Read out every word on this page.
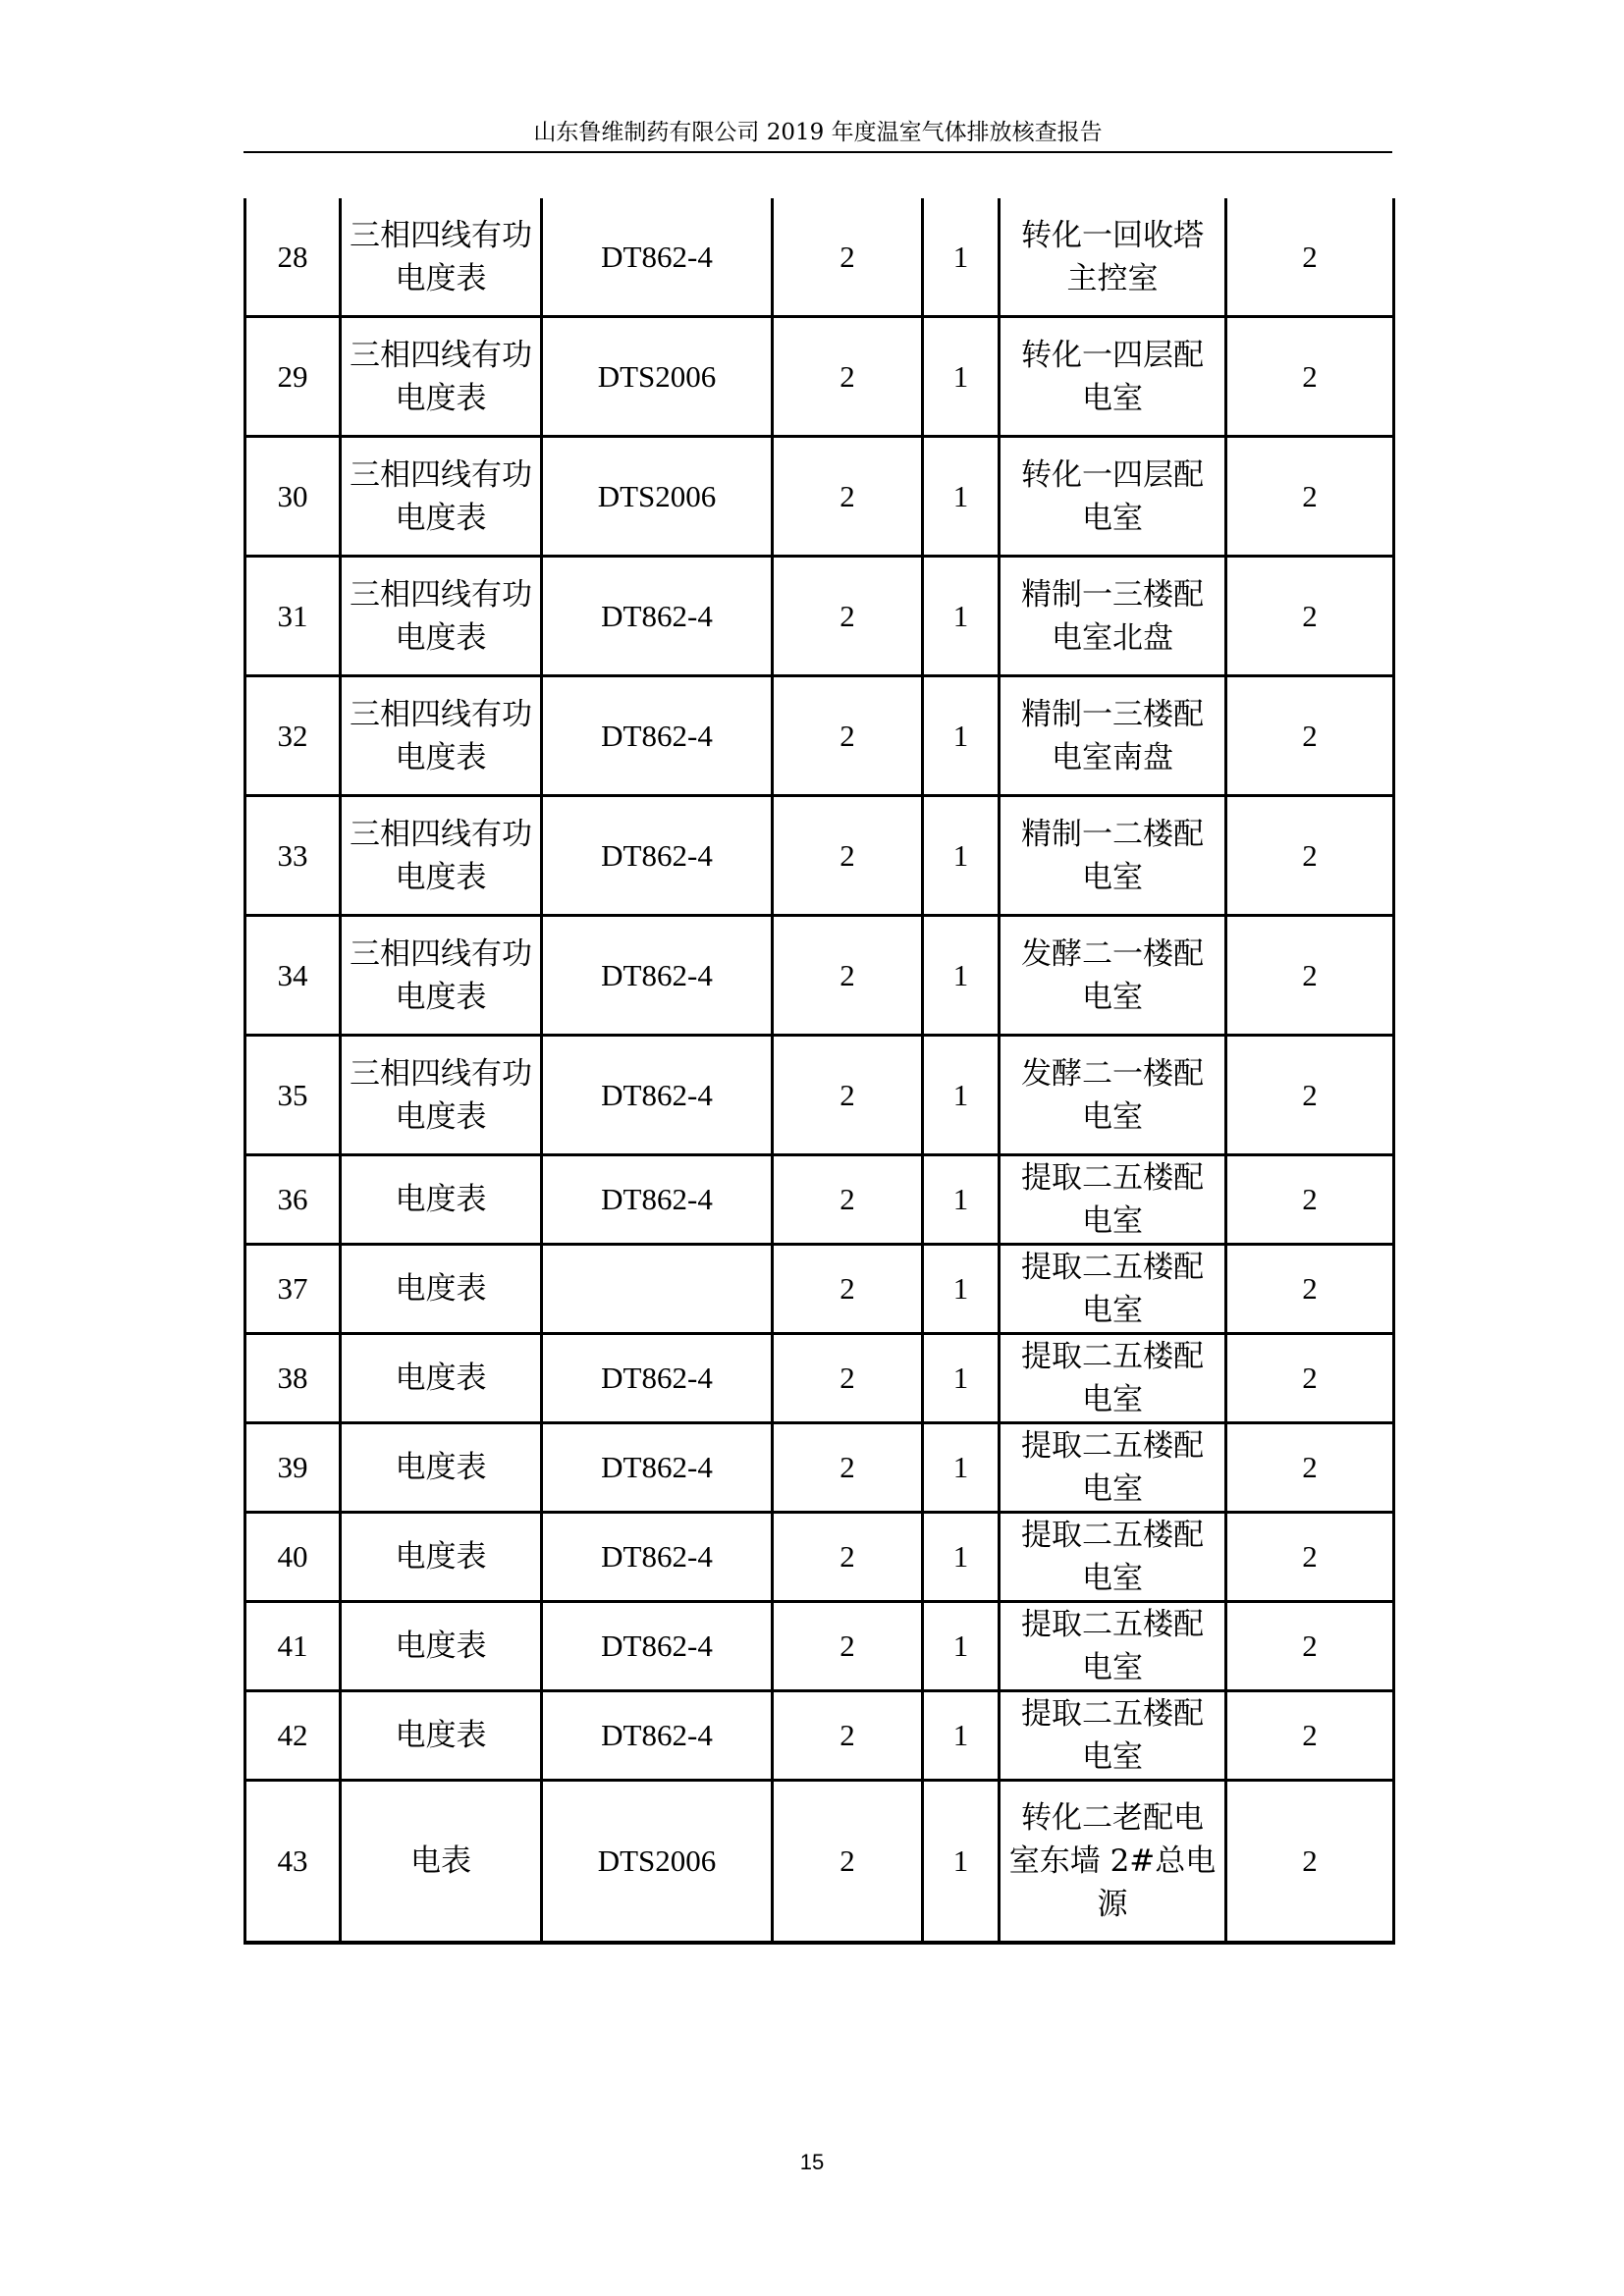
山东鲁维制药有限公司 2019 年度温室气体排放核查报告
28	三相四线有功电度表	DT862-4	2	1	转化一回收塔主控室	2
29	三相四线有功电度表	DTS2006	2	1	转化一四层配电室	2
30	三相四线有功电度表	DTS2006	2	1	转化一四层配电室	2
31	三相四线有功电度表	DT862-4	2	1	精制一三楼配电室北盘	2
32	三相四线有功电度表	DT862-4	2	1	精制一三楼配电室南盘	2
33	三相四线有功电度表	DT862-4	2	1	精制一二楼配电室	2
34	三相四线有功电度表	DT862-4	2	1	发酵二一楼配电室	2
35	三相四线有功电度表	DT862-4	2	1	发酵二一楼配电室	2
36	电度表	DT862-4	2	1	提取二五楼配电室	2
37	电度表		2	1	提取二五楼配电室	2
38	电度表	DT862-4	2	1	提取二五楼配电室	2
39	电度表	DT862-4	2	1	提取二五楼配电室	2
40	电度表	DT862-4	2	1	提取二五楼配电室	2
41	电度表	DT862-4	2	1	提取二五楼配电室	2
42	电度表	DT862-4	2	1	提取二五楼配电室	2
43	电表	DTS2006	2	1	转化二老配电室东墙 2#总电源	2
15
